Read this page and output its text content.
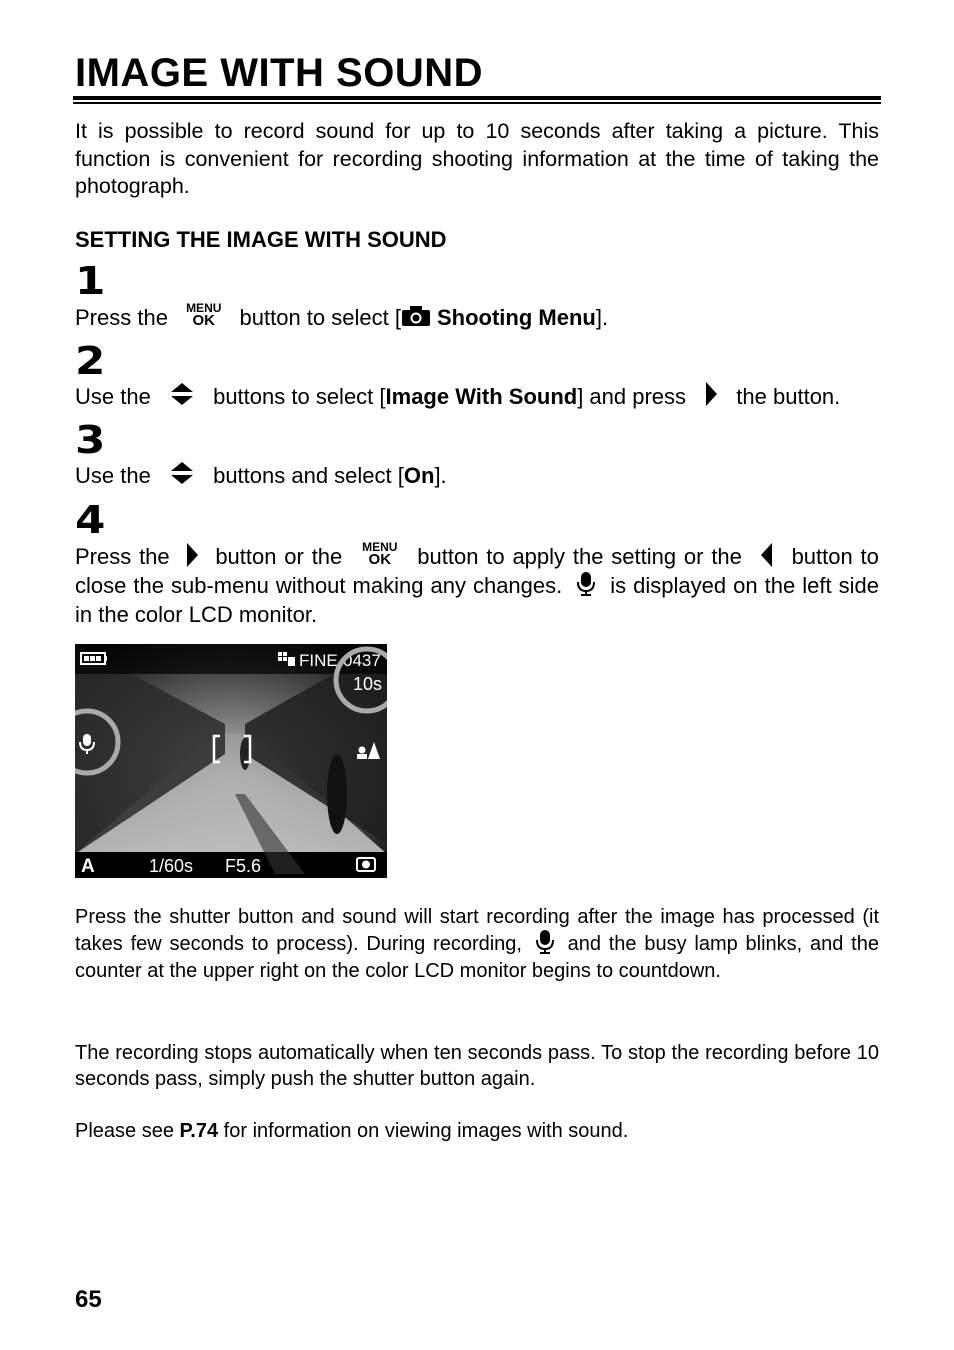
IMAGE WITH SOUND

It is possible to record sound for up to 10 seconds after taking a picture. This function is convenient for recording shooting information at the time of taking the photograph.

SETTING THE IMAGE WITH SOUND
1
Press the MENU
OK button to select [ Shooting Menu].
2
Use the	buttons to select [Image With Sound] and press the button.
3
Use the	buttons and select [On].
4
Press the button or the MENU
OK button to apply the setting or the button to close the sub-menu without making any changes. is displayed on the left side in the color LCD monitor.
FINE 0437
10s
A	1/60s F5.6

Press the shutter button and sound will start recording after the image has processed (it takes few seconds to process). During recording, and the busy lamp blinks, and the counter at the upper right on the color LCD monitor begins to countdown.

The recording stops automatically when ten seconds pass. To stop the recording before 10 seconds pass, simply push the shutter button again.

Please see P.74 for information on viewing images with sound.

65
